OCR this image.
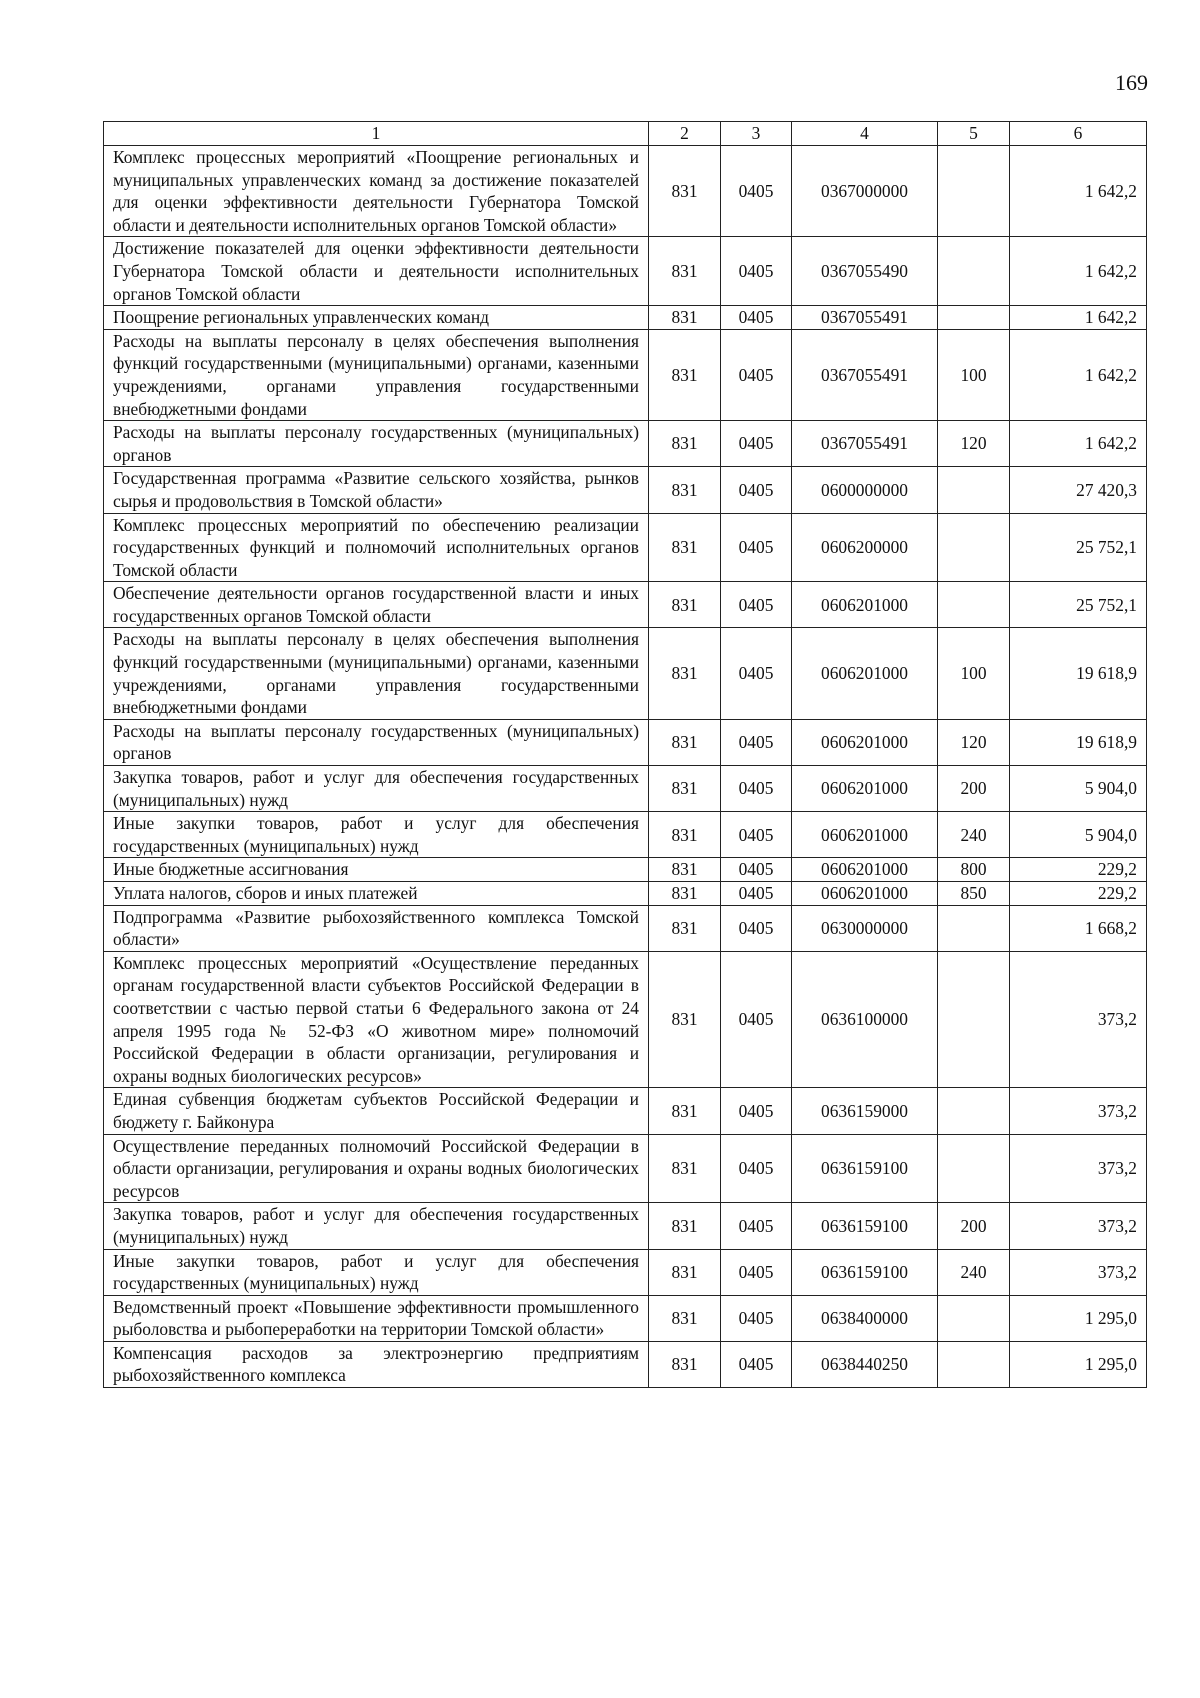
169
1	2	3	4	5	6
Комплекс процессных мероприятий «Поощрение региональных и муниципальных управленческих команд за достижение показателей для оценки эффективности деятельности Губернатора Томской области и деятельности исполнительных органов Томской области»	831	0405	0367000000		1 642,2
Достижение показателей для оценки эффективности деятельности Губернатора Томской области и деятельности исполнительных органов Томской области	831	0405	0367055490		1 642,2
Поощрение региональных управленческих команд	831	0405	0367055491		1 642,2
Расходы на выплаты персоналу в целях обеспечения выполнения функций государственными (муниципальными) органами, казенными учреждениями, органами управления государственными внебюджетными фондами	831	0405	0367055491	100	1 642,2
Расходы на выплаты персоналу государственных (муниципальных) органов	831	0405	0367055491	120	1 642,2
Государственная программа «Развитие сельского хозяйства, рынков сырья и продовольствия в Томской области»	831	0405	0600000000		27 420,3
Комплекс процессных мероприятий по обеспечению реализации государственных функций и полномочий исполнительных органов Томской области	831	0405	0606200000		25 752,1
Обеспечение деятельности органов государственной власти и иных государственных органов Томской области	831	0405	0606201000		25 752,1
Расходы на выплаты персоналу в целях обеспечения выполнения функций государственными (муниципальными) органами, казенными учреждениями, органами управления государственными внебюджетными фондами	831	0405	0606201000	100	19 618,9
Расходы на выплаты персоналу государственных (муниципальных) органов	831	0405	0606201000	120	19 618,9
Закупка товаров, работ и услуг для обеспечения государственных (муниципальных) нужд	831	0405	0606201000	200	5 904,0
Иные закупки товаров, работ и услуг для обеспечения государственных (муниципальных) нужд	831	0405	0606201000	240	5 904,0
Иные бюджетные ассигнования	831	0405	0606201000	800	229,2
Уплата налогов, сборов и иных платежей	831	0405	0606201000	850	229,2
Подпрограмма «Развитие рыбохозяйственного комплекса Томской области»	831	0405	0630000000		1 668,2
Комплекс процессных мероприятий «Осуществление переданных органам государственной власти субъектов Российской Федерации в соответствии с частью первой статьи 6 Федерального закона от 24 апреля 1995 года № 52-ФЗ «О животном мире» полномочий Российской Федерации в области организации, регулирования и охраны водных биологических ресурсов»	831	0405	0636100000		373,2
Единая субвенция бюджетам субъектов Российской Федерации и бюджету г. Байконура	831	0405	0636159000		373,2
Осуществление переданных полномочий Российской Федерации в области организации, регулирования и охраны водных биологических ресурсов	831	0405	0636159100		373,2
Закупка товаров, работ и услуг для обеспечения государственных (муниципальных) нужд	831	0405	0636159100	200	373,2
Иные закупки товаров, работ и услуг для обеспечения государственных (муниципальных) нужд	831	0405	0636159100	240	373,2
Ведомственный проект «Повышение эффективности промышленного рыболовства и рыбопереработки на территории Томской области»	831	0405	0638400000		1 295,0
Компенсация расходов за электроэнергию предприятиям рыбохозяйственного комплекса	831	0405	0638440250		1 295,0
